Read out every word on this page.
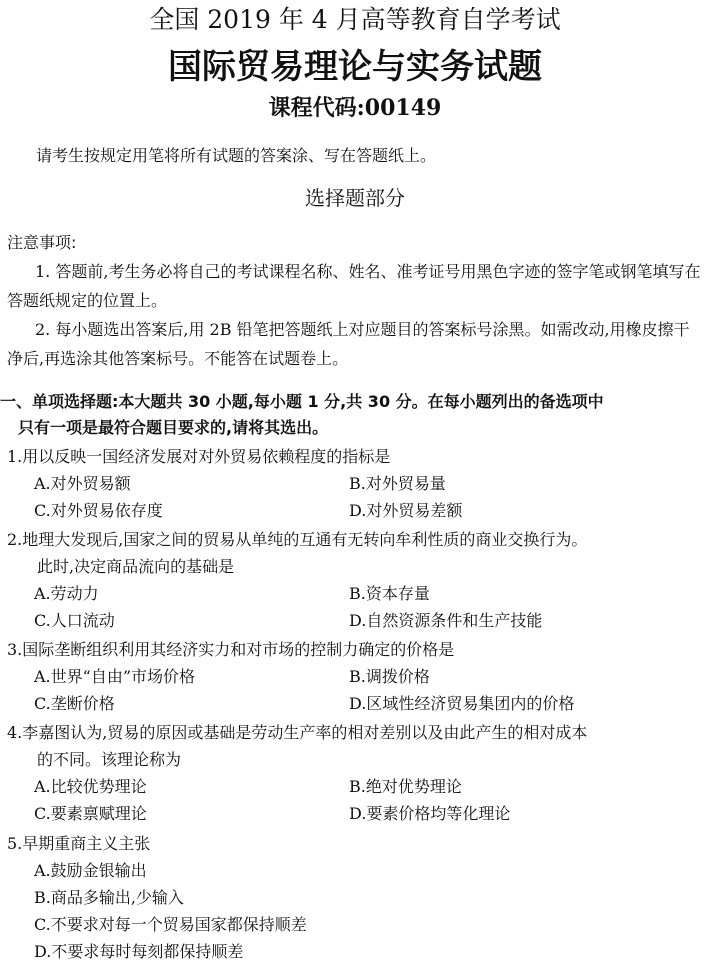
全国 2019 年 4 月高等教育自学考试
国际贸易理论与实务试题
课程代码:00149
请考生按规定用笔将所有试题的答案涂、写在答题纸上。
选择题部分
注意事项:
1. 答题前,考生务必将自己的考试课程名称、姓名、准考证号用黑色字迹的签字笔或钢笔填写在答题纸规定的位置上。
2. 每小题选出答案后,用 2B 铅笔把答题纸上对应题目的答案标号涂黑。如需改动,用橡皮擦干净后,再选涂其他答案标号。不能答在试题卷上。
一、单项选择题:本大题共 30 小题,每小题 1 分,共 30 分。在每小题列出的备选项中
只有一项是最符合题目要求的,请将其选出。
1.用以反映一国经济发展对对外贸易依赖程度的指标是
A.对外贸易额	B.对外贸易量
C.对外贸易依存度	D.对外贸易差额
2.地理大发现后,国家之间的贸易从单纯的互通有无转向牟利性质的商业交换行为。
此时,决定商品流向的基础是
A.劳动力	B.资本存量
C.人口流动	D.自然资源条件和生产技能
3.国际垄断组织利用其经济实力和对市场的控制力确定的价格是
A.世界“自由”市场价格	B.调拨价格
C.垄断价格	D.区域性经济贸易集团内的价格
4.李嘉图认为,贸易的原因或基础是劳动生产率的相对差别以及由此产生的相对成本
的不同。该理论称为
A.比较优势理论	B.绝对优势理论
C.要素禀赋理论	D.要素价格均等化理论
5.早期重商主义主张
A.鼓励金银输出
B.商品多输出,少输入
C.不要求对每一个贸易国家都保持顺差
D.不要求每时每刻都保持顺差
